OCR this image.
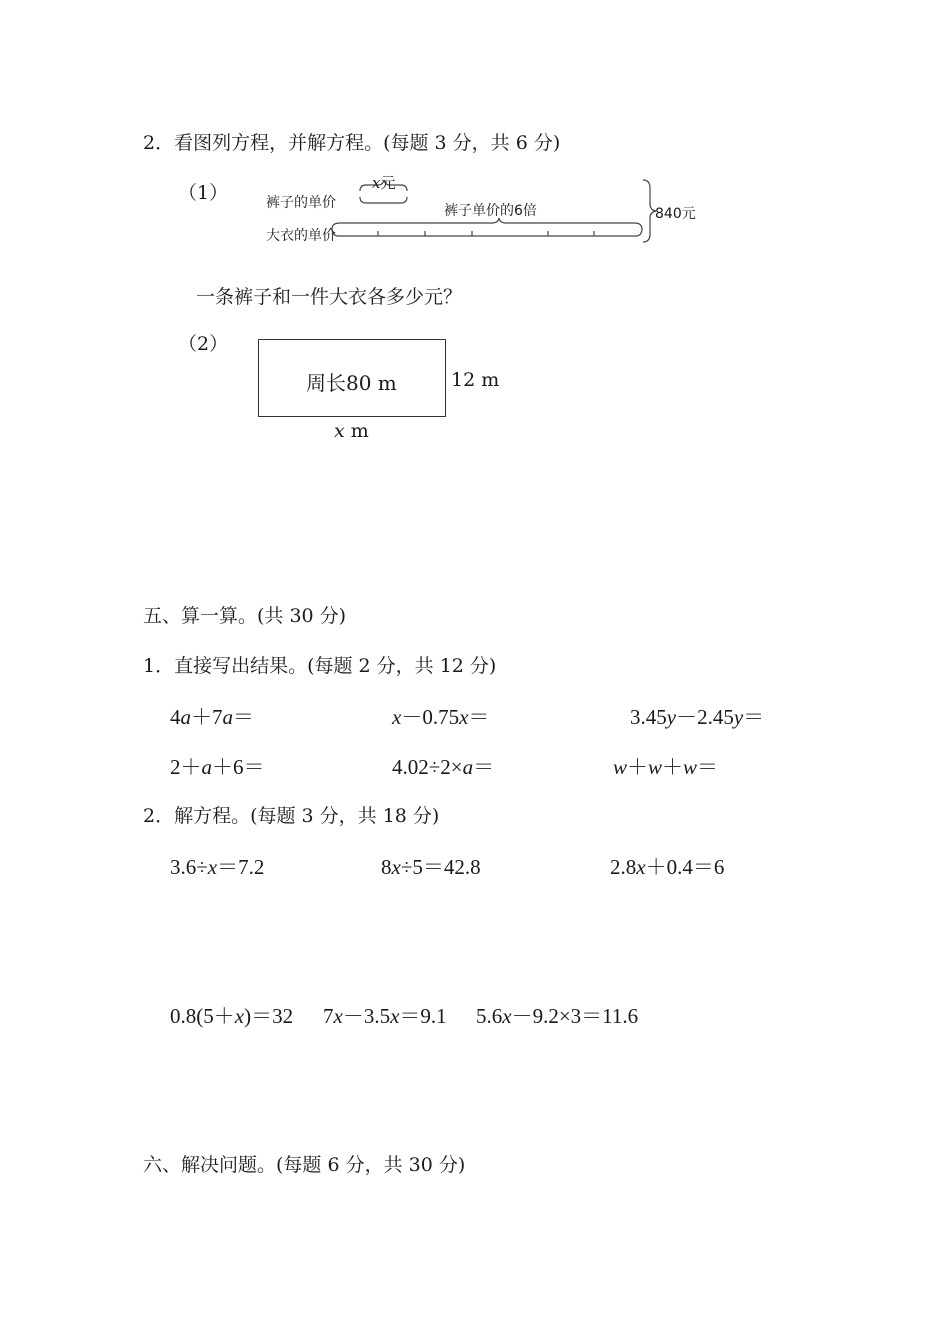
2．看图列方程，并解方程。(每题 3 分，共 6 分)
（1）	x元
裤子的单价
大衣的单价
裤子单价的6倍	840元
一条裤子和一件大衣各多少元？
（2）
周长80 m	12 m
x m
五、算一算。(共 30 分)
1．直接写出结果。(每题 2 分，共 12 分)
4a＋7a＝	x－0.75x＝	3.45y－2.45y＝
2＋a＋6＝	4.02÷2×a＝	w＋w＋w＝
2．解方程。(每题 3 分，共 18 分)
3.6÷x＝7.2	8x÷5＝42.8	2.8x＋0.4＝6
0.8(5＋x)＝32 7x－3.5x＝9.1 5.6x－9.2×3＝11.6
六、解决问题。(每题 6 分，共 30 分)
